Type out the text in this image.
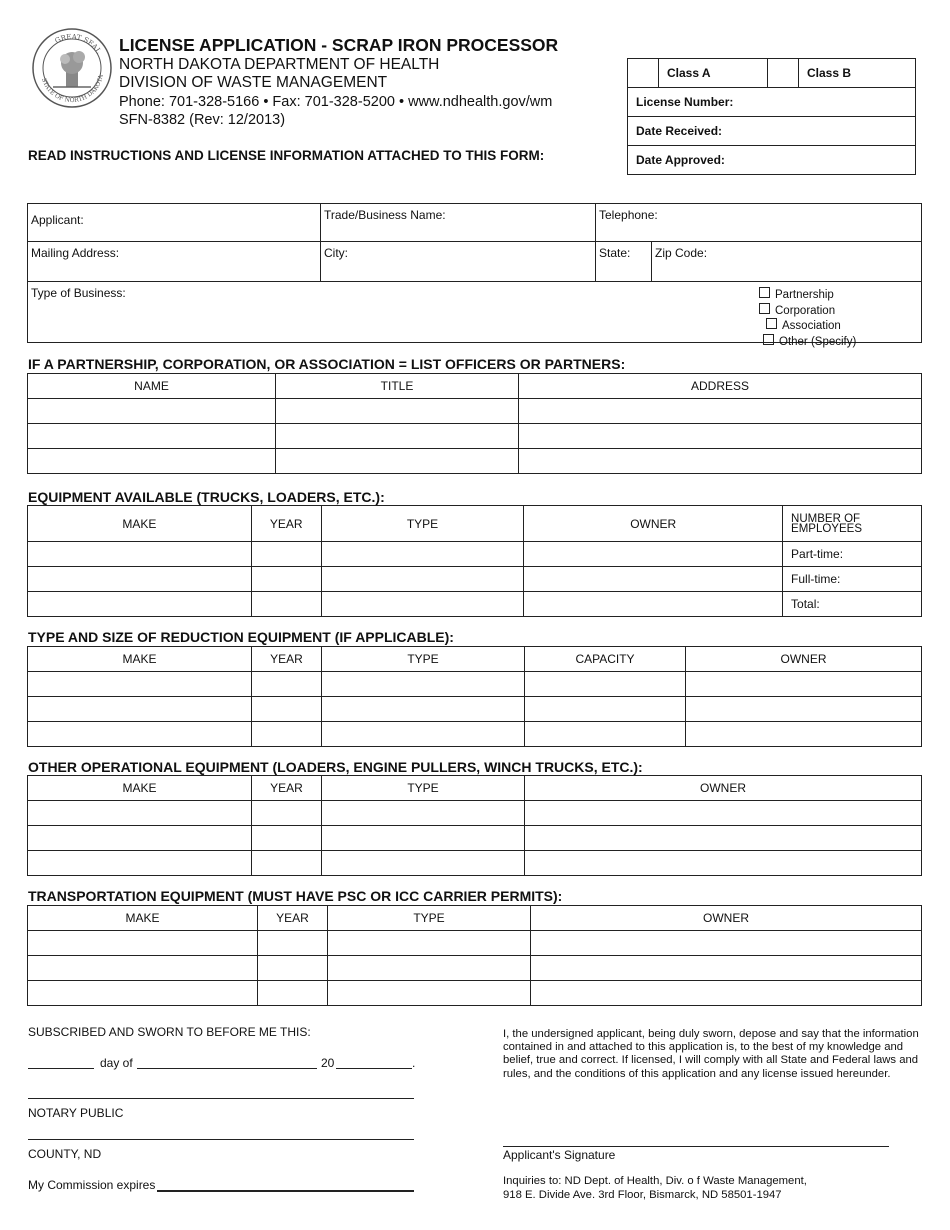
GREAT SEAL
STATE OF NORTH DAKOTA
LICENSE APPLICATION - SCRAP IRON PROCESSOR
NORTH DAKOTA DEPARTMENT OF HEALTH
DIVISION OF WASTE MANAGEMENT
Phone: 701-328-5166 • Fax: 701-328-5200 • www.ndhealth.gov/wm
SFN-8382 (Rev: 12/2013)
READ INSTRUCTIONS AND LICENSE INFORMATION ATTACHED TO THIS FORM:
	Class A		Class B
License Number:
Date Received:
Date Approved:
Applicant:	Trade/Business Name:	Telephone:	
Mailing Address:	City:	State:	Zip Code:
Type of Business:				Partnership
Corporation
Association
Other (Specify)
IF A PARTNERSHIP, CORPORATION, OR ASSOCIATION = LIST OFFICERS OR PARTNERS:
NAME	TITLE	ADDRESS

EQUIPMENT AVAILABLE (TRUCKS, LOADERS, ETC.):
MAKE	YEAR	TYPE	OWNER	NUMBER OF EMPLOYEES
				Part-time:
				Full-time:
				Total:
TYPE AND SIZE OF REDUCTION EQUIPMENT (IF APPLICABLE):
MAKE	YEAR	TYPE	CAPACITY	OWNER

OTHER OPERATIONAL EQUIPMENT (LOADERS, ENGINE PULLERS, WINCH TRUCKS, ETC.):
MAKE	YEAR	TYPE	OWNER

TRANSPORTATION EQUIPMENT (MUST HAVE PSC OR ICC CARRIER PERMITS):
MAKE	YEAR	TYPE	OWNER

SUBSCRIBED AND SWORN TO BEFORE ME THIS:
day of	20	.
NOTARY PUBLIC
COUNTY, ND
My Commission expires
I, the undersigned applicant, being duly sworn, depose and say that the information contained in and attached to this application is, to the best of my knowledge and belief, true and correct. If licensed, I will comply with all State and Federal laws and rules, and the conditions of this application and any license issued hereunder.
Applicant's Signature
Inquiries to: ND Dept. of Health, Div. o f Waste Management,
918 E. Divide Ave. 3rd Floor, Bismarck, ND 58501-1947
